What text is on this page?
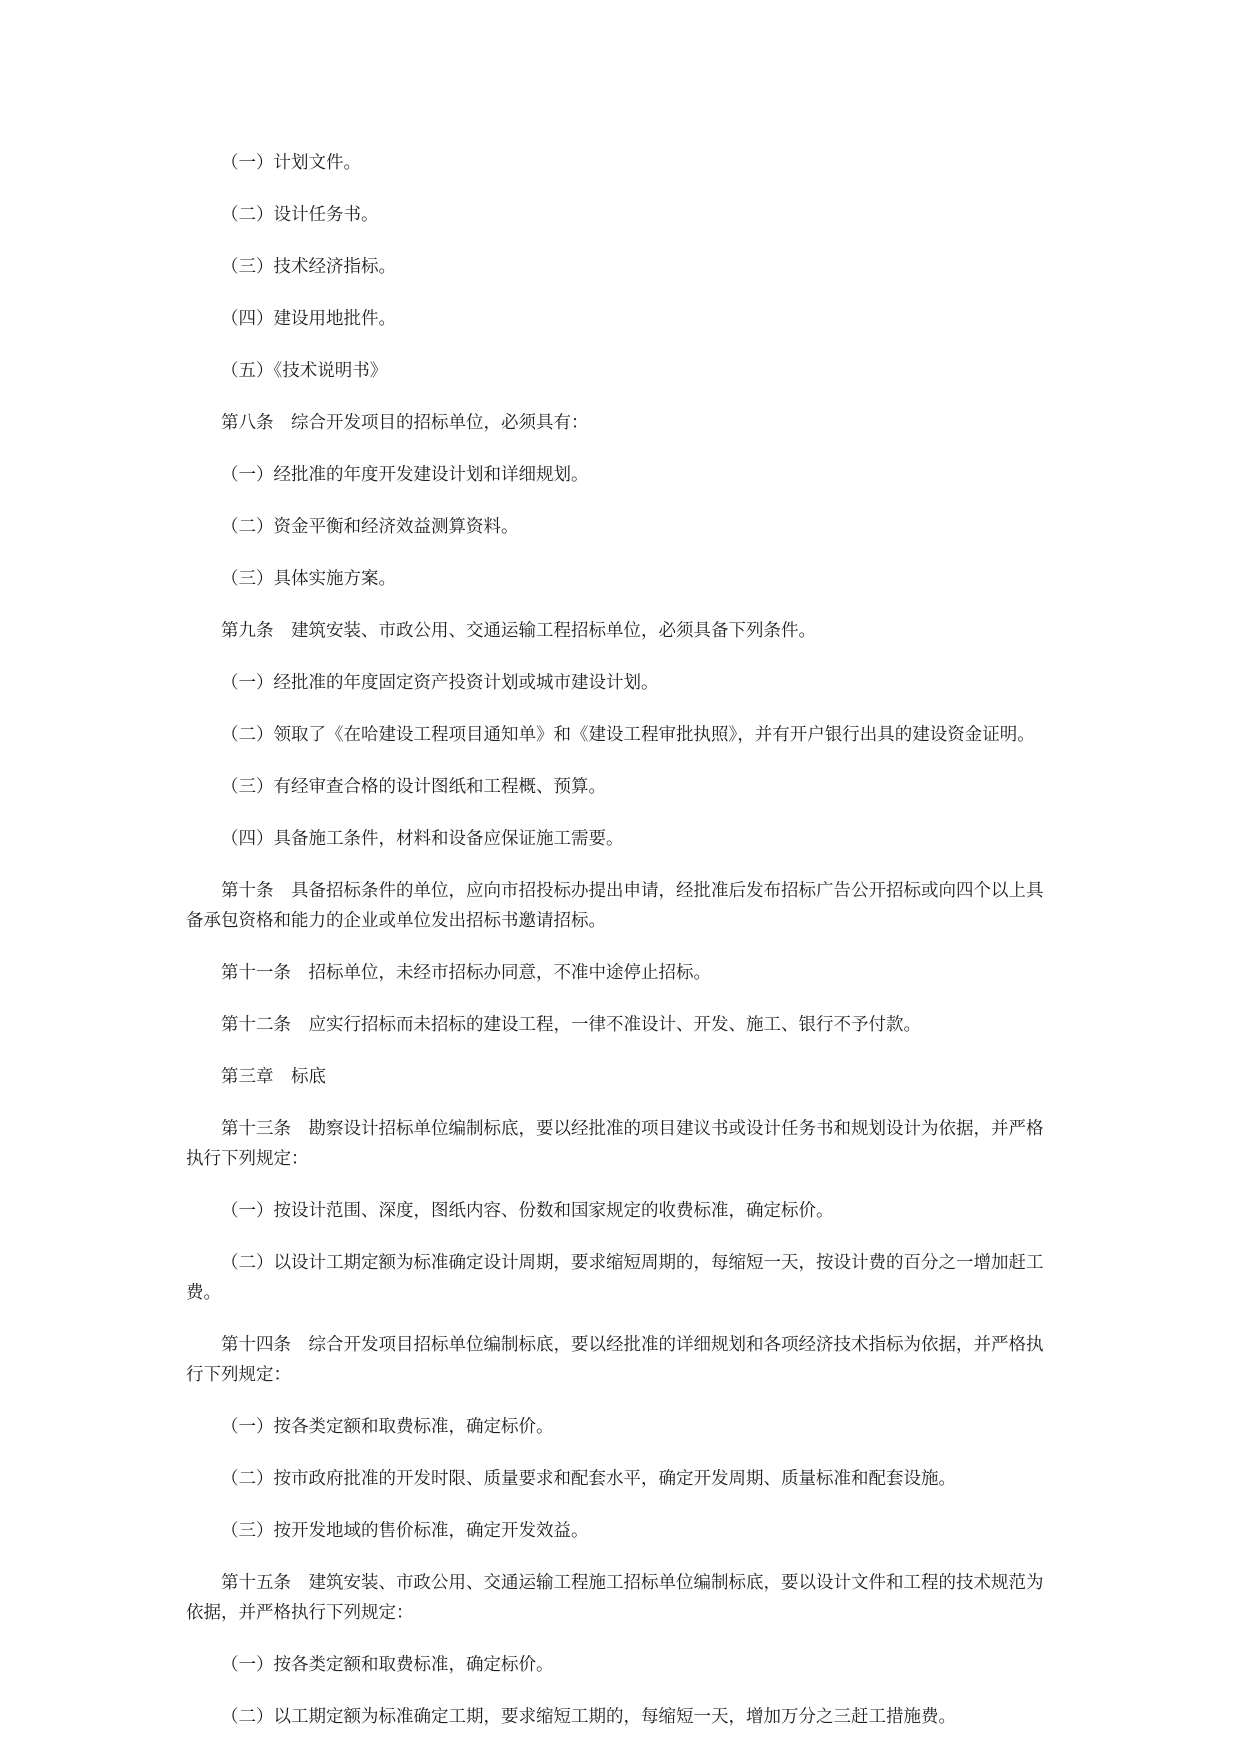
（一）计划文件。

（二）设计任务书。

（三）技术经济指标。

（四）建设用地批件。

（五）《技术说明书》

第八条　综合开发项目的招标单位，必须具有：

（一）经批准的年度开发建设计划和详细规划。

（二）资金平衡和经济效益测算资料。

（三）具体实施方案。

第九条　建筑安装、市政公用、交通运输工程招标单位，必须具备下列条件。

（一）经批准的年度固定资产投资计划或城市建设计划。

（二）领取了《在哈建设工程项目通知单》和《建设工程审批执照》，并有开户银行出具的建设资金证明。

（三）有经审查合格的设计图纸和工程概、预算。

（四）具备施工条件，材料和设备应保证施工需要。

第十条　具备招标条件的单位，应向市招投标办提出申请，经批准后发布招标广告公开招标或向四个以上具备承包资格和能力的企业或单位发出招标书邀请招标。

第十一条　招标单位，未经市招标办同意，不准中途停止招标。

第十二条　应实行招标而未招标的建设工程，一律不准设计、开发、施工、银行不予付款。

第三章　标底

第十三条　勘察设计招标单位编制标底，要以经批准的项目建议书或设计任务书和规划设计为依据，并严格执行下列规定：

（一）按设计范围、深度，图纸内容、份数和国家规定的收费标准，确定标价。

（二）以设计工期定额为标准确定设计周期，要求缩短周期的，每缩短一天，按设计费的百分之一增加赶工费。

第十四条　综合开发项目招标单位编制标底，要以经批准的详细规划和各项经济技术指标为依据，并严格执行下列规定：

（一）按各类定额和取费标准，确定标价。

（二）按市政府批准的开发时限、质量要求和配套水平，确定开发周期、质量标准和配套设施。

（三）按开发地域的售价标准，确定开发效益。

第十五条　建筑安装、市政公用、交通运输工程施工招标单位编制标底，要以设计文件和工程的技术规范为依据，并严格执行下列规定：

（一）按各类定额和取费标准，确定标价。

（二）以工期定额为标准确定工期，要求缩短工期的，每缩短一天，增加万分之三赶工措施费。
